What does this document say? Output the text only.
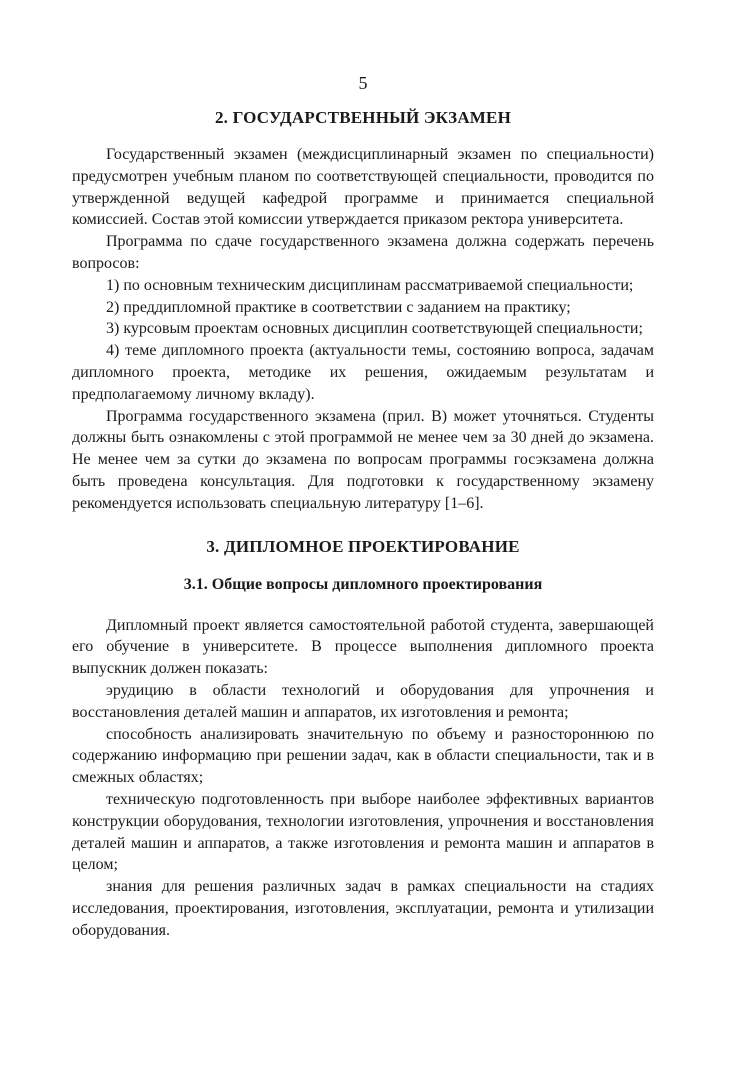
5
2. ГОСУДАРСТВЕННЫЙ ЭКЗАМЕН

Государственный экзамен (междисциплинарный экзамен по специальности) предусмотрен учебным планом по соответствующей специальности, проводится по утвержденной ведущей кафедрой программе и принимается специальной комиссией. Состав этой комиссии утверждается приказом ректора университета.

Программа по сдаче государственного экзамена должна содержать перечень вопросов:

1) по основным техническим дисциплинам рассматриваемой специальности;

2) преддипломной практике в соответствии с заданием на практику;

3) курсовым проектам основных дисциплин соответствующей специальности;

4) теме дипломного проекта (актуальности темы, состоянию вопроса, задачам дипломного проекта, методике их решения, ожидаемым результатам и предполагаемому личному вкладу).

Программа государственного экзамена (прил. В) может уточняться. Студенты должны быть ознакомлены с этой программой не менее чем за 30 дней до экзамена. Не менее чем за сутки до экзамена по вопросам программы госэкзамена должна быть проведена консультация. Для подготовки к государственному экзамену рекомендуется использовать специальную литературу [1–6].

3. ДИПЛОМНОЕ ПРОЕКТИРОВАНИЕ
3.1. Общие вопросы дипломного проектирования

Дипломный проект является самостоятельной работой студента, завершающей его обучение в университете. В процессе выполнения дипломного проекта выпускник должен показать:

эрудицию в области технологий и оборудования для упрочнения и восстановления деталей машин и аппаратов, их изготовления и ремонта;

способность анализировать значительную по объему и разностороннюю по содержанию информацию при решении задач, как в области специальности, так и в смежных областях;

техническую подготовленность при выборе наиболее эффективных вариантов конструкции оборудования, технологии изготовления, упрочнения и восстановления деталей машин и аппаратов, а также изготовления и ремонта машин и аппаратов в целом;

знания для решения различных задач в рамках специальности на стадиях исследования, проектирования, изготовления, эксплуатации, ремонта и утилизации оборудования.
